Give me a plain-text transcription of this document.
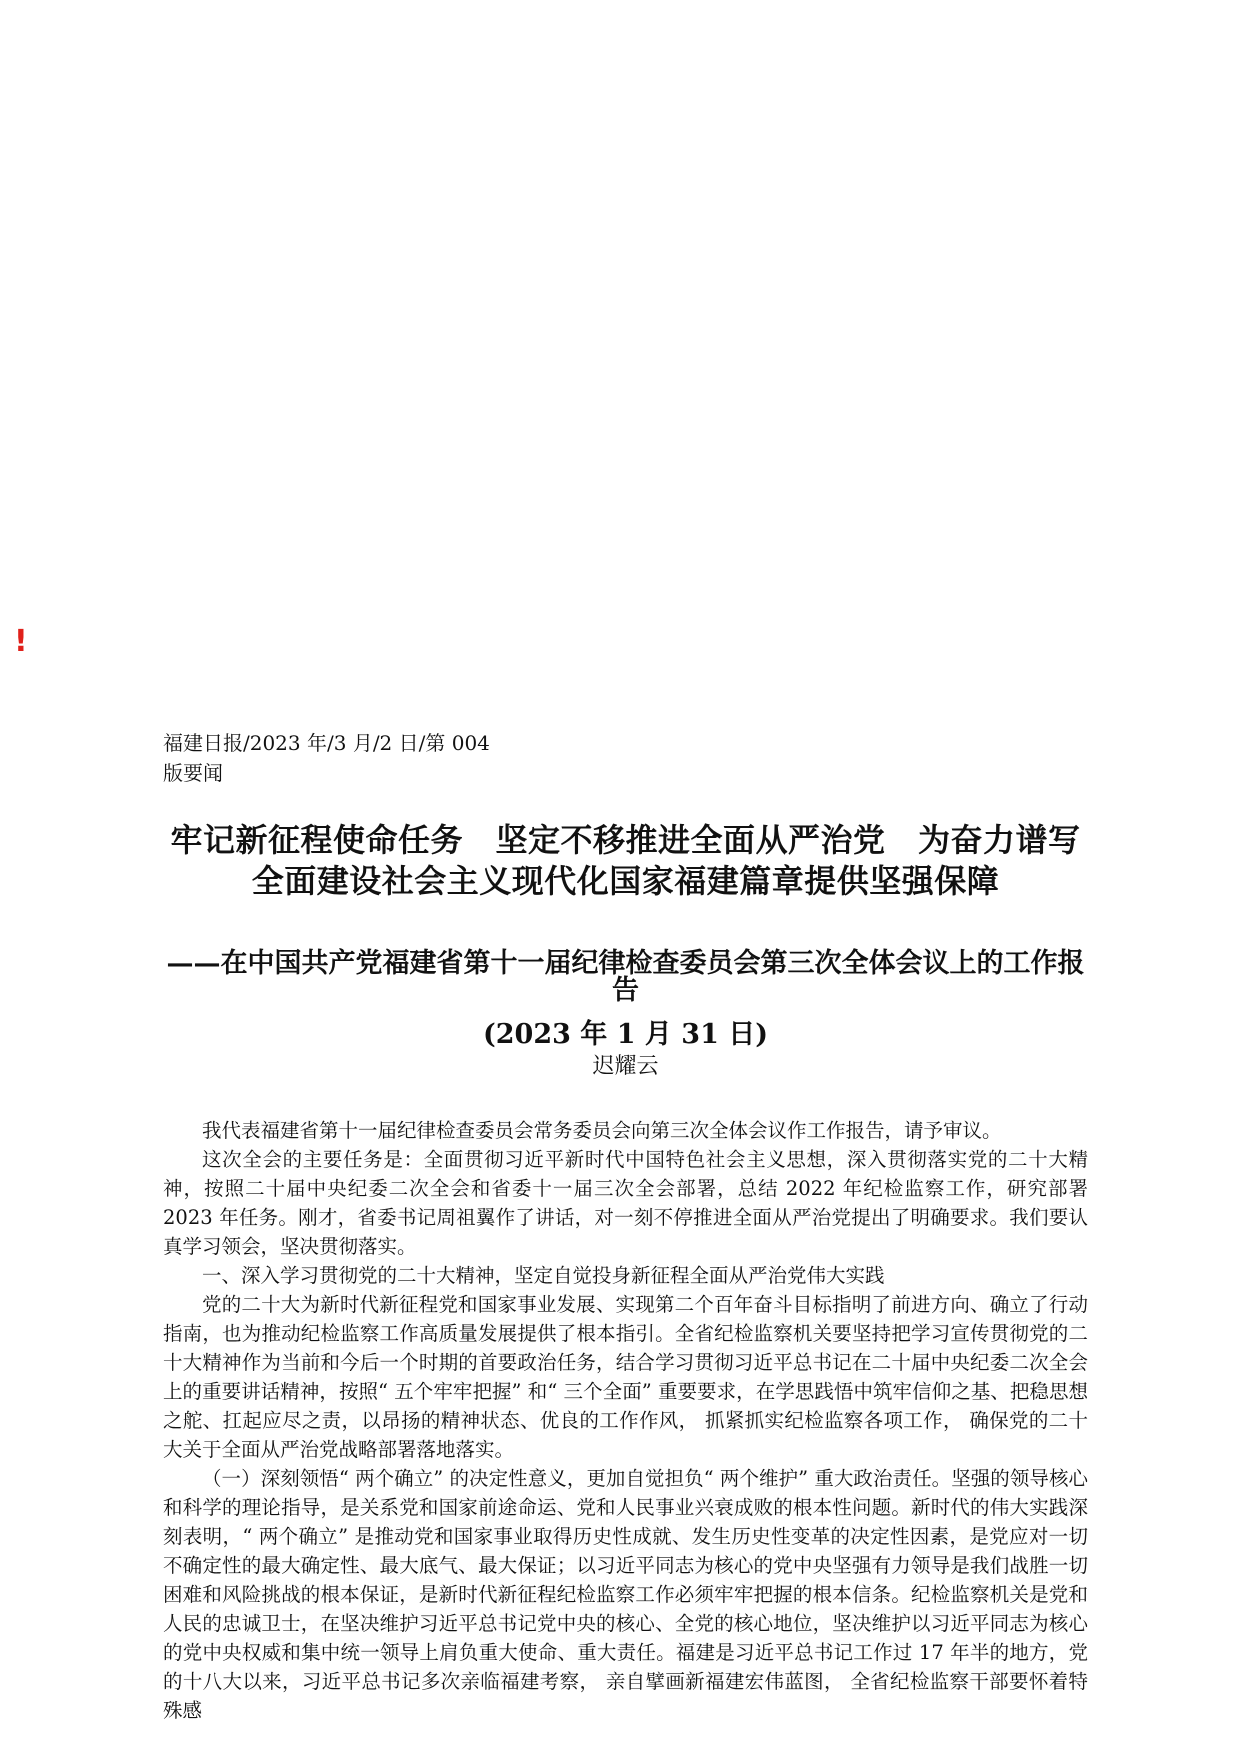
!

福建日报/2023 年/3 月/2 日/第 004 版要闻

牢记新征程使命任务　坚定不移推进全面从严治党　为奋力谱写全面建设社会主义现代化国家福建篇章提供坚强保障
——在中国共产党福建省第十一届纪律检查委员会第三次全体会议上的工作报告
(2023 年 1 月 31 日)
迟耀云

我代表福建省第十一届纪律检查委员会常务委员会向第三次全体会议作工作报告，请予审议。

这次全会的主要任务是：全面贯彻习近平新时代中国特色社会主义思想，深入贯彻落实党的二十大精神，按照二十届中央纪委二次全会和省委十一届三次全会部署，总结 2022 年纪检监察工作，研究部署 2023 年任务。刚才，省委书记周祖翼作了讲话，对一刻不停推进全面从严治党提出了明确要求。我们要认真学习领会，坚决贯彻落实。

一、深入学习贯彻党的二十大精神，坚定自觉投身新征程全面从严治党伟大实践

党的二十大为新时代新征程党和国家事业发展、实现第二个百年奋斗目标指明了前进方向、确立了行动指南，也为推动纪检监察工作高质量发展提供了根本指引。全省纪检监察机关要坚持把学习宣传贯彻党的二十大精神作为当前和今后一个时期的首要政治任务，结合学习贯彻习近平总书记在二十届中央纪委二次全会上的重要讲话精神，按照“ 五个牢牢把握” 和“ 三个全面” 重要要求，在学思践悟中筑牢信仰之基、把稳思想之舵、扛起应尽之责，以昂扬的精神状态、优良的工作作风， 抓紧抓实纪检监察各项工作， 确保党的二十大关于全面从严治党战略部署落地落实。

（一）深刻领悟“ 两个确立” 的决定性意义，更加自觉担负“ 两个维护” 重大政治责任。坚强的领导核心和科学的理论指导，是关系党和国家前途命运、党和人民事业兴衰成败的根本性问题。新时代的伟大实践深刻表明，“ 两个确立” 是推动党和国家事业取得历史性成就、发生历史性变革的决定性因素，是党应对一切不确定性的最大确定性、最大底气、最大保证；以习近平同志为核心的党中央坚强有力领导是我们战胜一切困难和风险挑战的根本保证，是新时代新征程纪检监察工作必须牢牢把握的根本信条。纪检监察机关是党和人民的忠诚卫士，在坚决维护习近平总书记党中央的核心、全党的核心地位，坚决维护以习近平同志为核心的党中央权威和集中统一领导上肩负重大使命、重大责任。福建是习近平总书记工作过 17 年半的地方，党的十八大以来，习近平总书记多次亲临福建考察， 亲自擘画新福建宏伟蓝图， 全省纪检监察干部要怀着特殊感
